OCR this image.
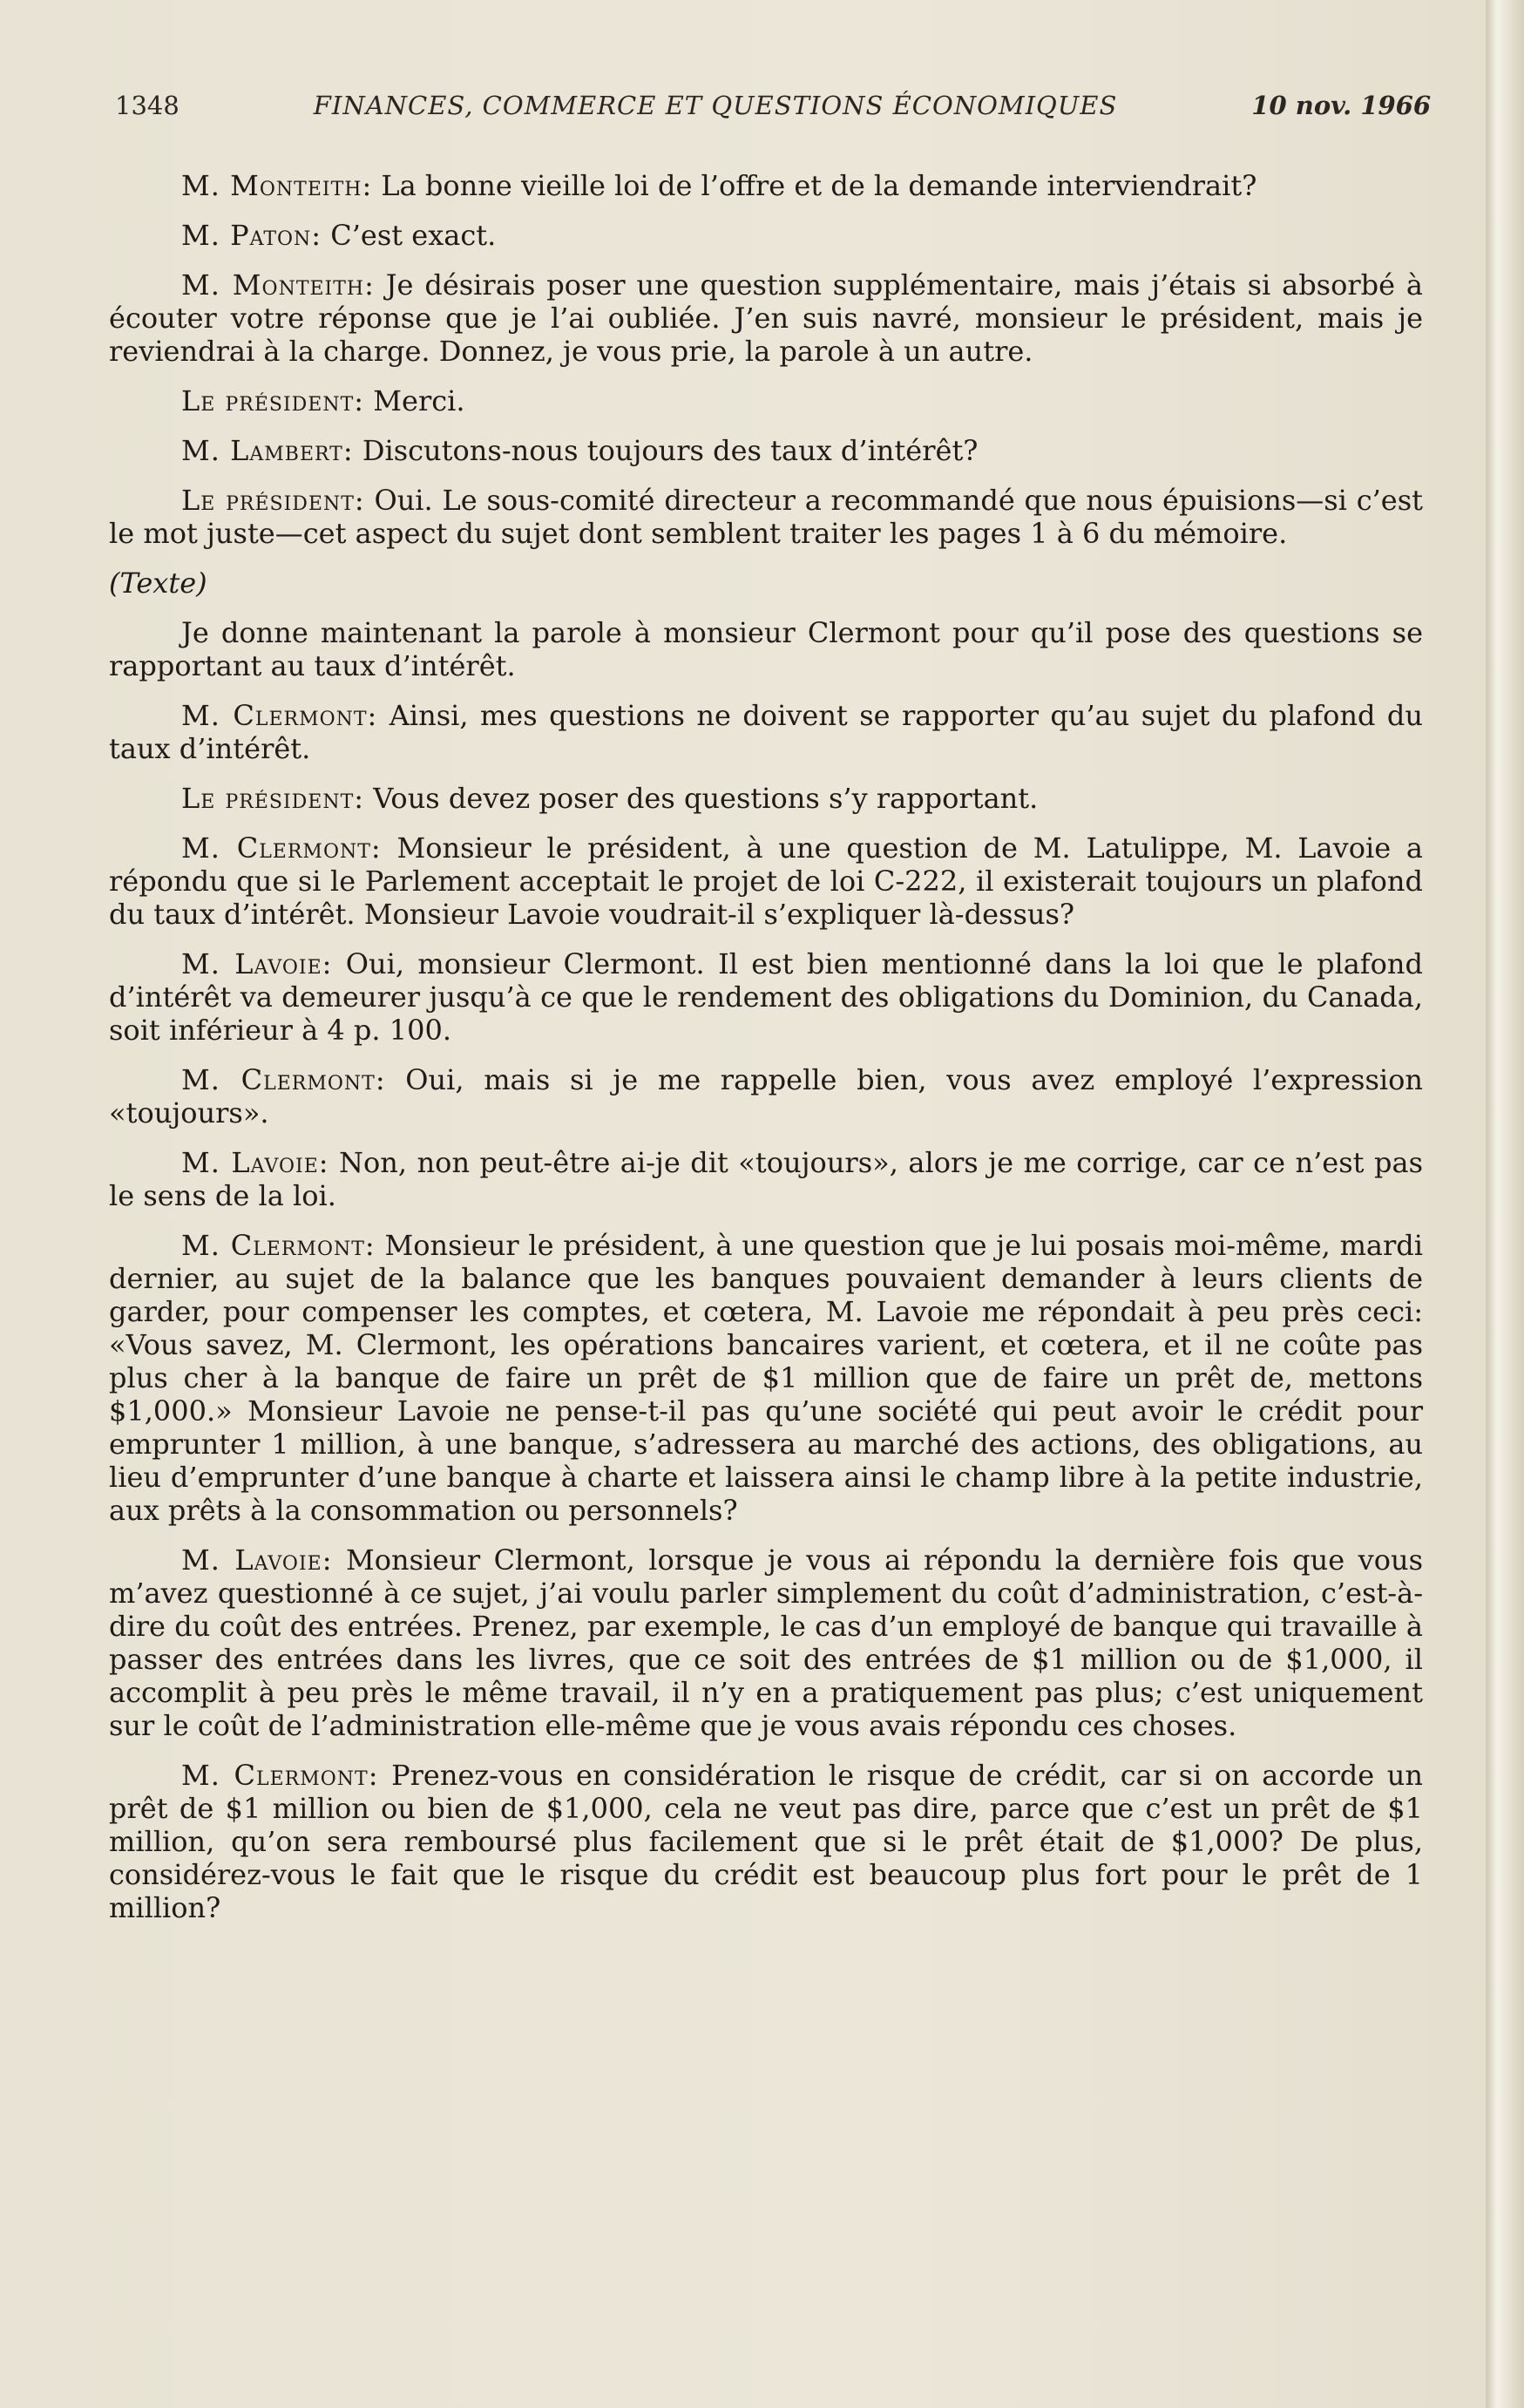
1348	FINANCES, COMMERCE ET QUESTIONS ÉCONOMIQUES	10 nov. 1966

M. Monteith: La bonne vieille loi de l’offre et de la demande interviendrait?

M. Paton: C’est exact.

M. Monteith: Je désirais poser une question supplémentaire, mais j’étais si absorbé à écouter votre réponse que je l’ai oubliée. J’en suis navré, monsieur le président, mais je reviendrai à la charge. Donnez, je vous prie, la parole à un autre.

Le président: Merci.

M. Lambert: Discutons-nous toujours des taux d’intérêt?

Le président: Oui. Le sous-comité directeur a recommandé que nous épuisions—si c’est le mot juste—cet aspect du sujet dont semblent traiter les pages 1 à 6 du mémoire.

(Texte)

Je donne maintenant la parole à monsieur Clermont pour qu’il pose des questions se rapportant au taux d’intérêt.

M. Clermont: Ainsi, mes questions ne doivent se rapporter qu’au sujet du plafond du taux d’intérêt.

Le président: Vous devez poser des questions s’y rapportant.

M. Clermont: Monsieur le président, à une question de M. Latulippe, M. Lavoie a répondu que si le Parlement acceptait le projet de loi C-222, il existerait toujours un plafond du taux d’intérêt. Monsieur Lavoie voudrait-il s’expliquer là-dessus?

M. Lavoie: Oui, monsieur Clermont. Il est bien mentionné dans la loi que le plafond d’intérêt va demeurer jusqu’à ce que le rendement des obligations du Dominion, du Canada, soit inférieur à 4 p. 100.

M. Clermont: Oui, mais si je me rappelle bien, vous avez employé l’expression «toujours».

M. Lavoie: Non, non peut-être ai-je dit «toujours», alors je me corrige, car ce n’est pas le sens de la loi.

M. Clermont: Monsieur le président, à une question que je lui posais moi-même, mardi dernier, au sujet de la balance que les banques pouvaient demander à leurs clients de garder, pour compenser les comptes, et cœtera, M. Lavoie me répondait à peu près ceci: «Vous savez, M. Clermont, les opérations bancaires varient, et cœtera, et il ne coûte pas plus cher à la banque de faire un prêt de $1 million que de faire un prêt de, mettons $1,000.» Monsieur Lavoie ne pense-t-il pas qu’une société qui peut avoir le crédit pour emprunter 1 million, à une banque, s’adressera au marché des actions, des obligations, au lieu d’emprunter d’une banque à charte et laissera ainsi le champ libre à la petite industrie, aux prêts à la consommation ou personnels?

M. Lavoie: Monsieur Clermont, lorsque je vous ai répondu la dernière fois que vous m’avez questionné à ce sujet, j’ai voulu parler simplement du coût d’administration, c’est-à-dire du coût des entrées. Prenez, par exemple, le cas d’un employé de banque qui travaille à passer des entrées dans les livres, que ce soit des entrées de $1 million ou de $1,000, il accomplit à peu près le même travail, il n’y en a pratiquement pas plus; c’est uniquement sur le coût de l’administration elle-même que je vous avais répondu ces choses.

M. Clermont: Prenez-vous en considération le risque de crédit, car si on accorde un prêt de $1 million ou bien de $1,000, cela ne veut pas dire, parce que c’est un prêt de $1 million, qu’on sera remboursé plus facilement que si le prêt était de $1,000? De plus, considérez-vous le fait que le risque du crédit est beaucoup plus fort pour le prêt de 1 million?
